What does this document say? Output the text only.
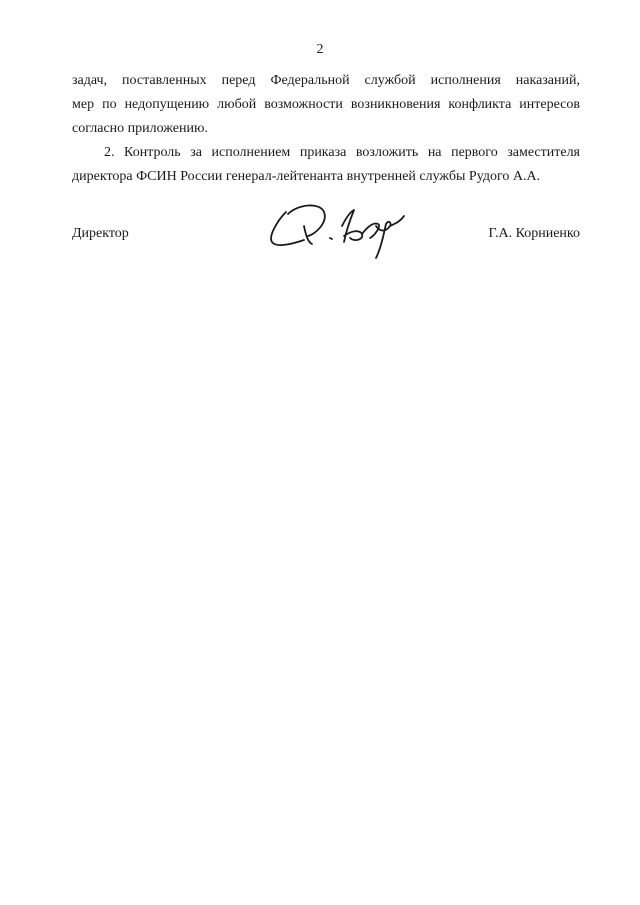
2
задач, поставленных перед Федеральной службой исполнения наказаний,
мер по недопущению любой возможности возникновения конфликта интересов
согласно приложению.
2. Контроль за исполнением приказа возложить на первого заместителя
директора ФСИН России генерал-лейтенанта внутренней службы Рудого А.А.
Директор	Г.А. Корниенко
